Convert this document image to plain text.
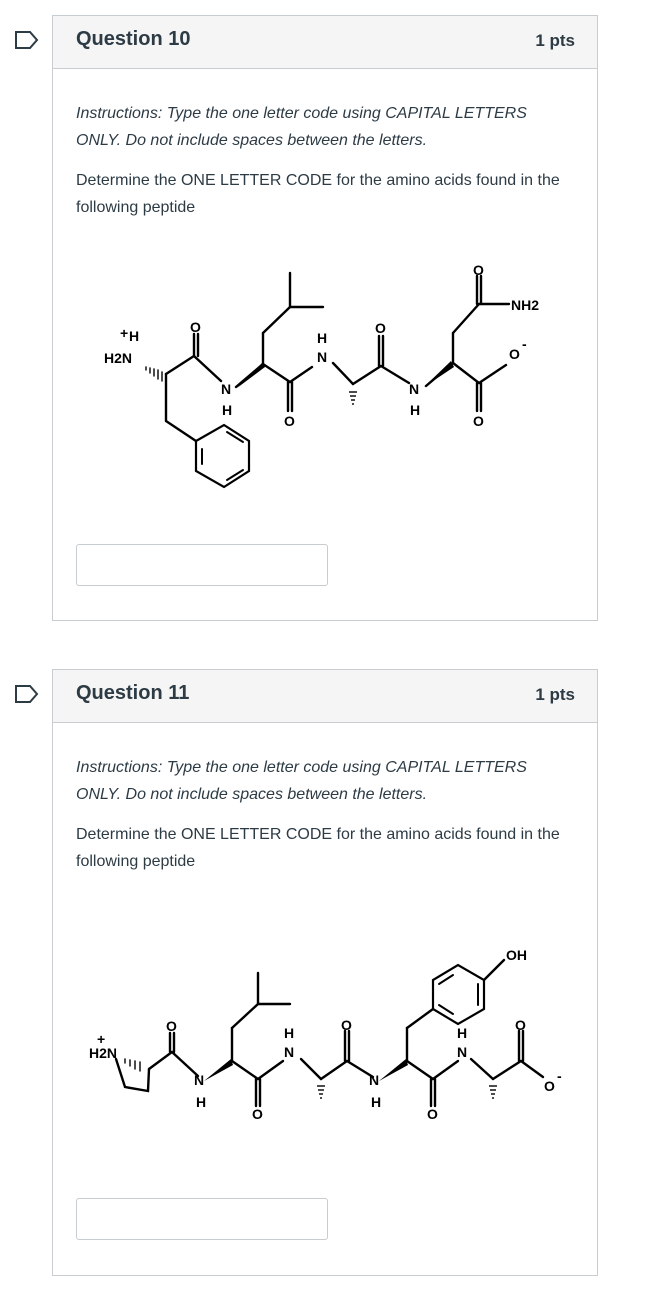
Question 10	1 pts
Instructions: Type the one letter code using CAPITAL LETTERS ONLY. Do not include spaces between the letters.
Determine the ONE LETTER CODE for the amino acids found in the following peptide
+ H
H2N
O
N
H
O
H
N
O
N
H
O
NH2
O
O
-
Question 11	1 pts
Instructions: Type the one letter code using CAPITAL LETTERS ONLY. Do not include spaces between the letters.
Determine the ONE LETTER CODE for the amino acids found in the following peptide
+
H2N
O
N
H
O
H
N
O
N
H
OH
O
H
N
O
O
-
